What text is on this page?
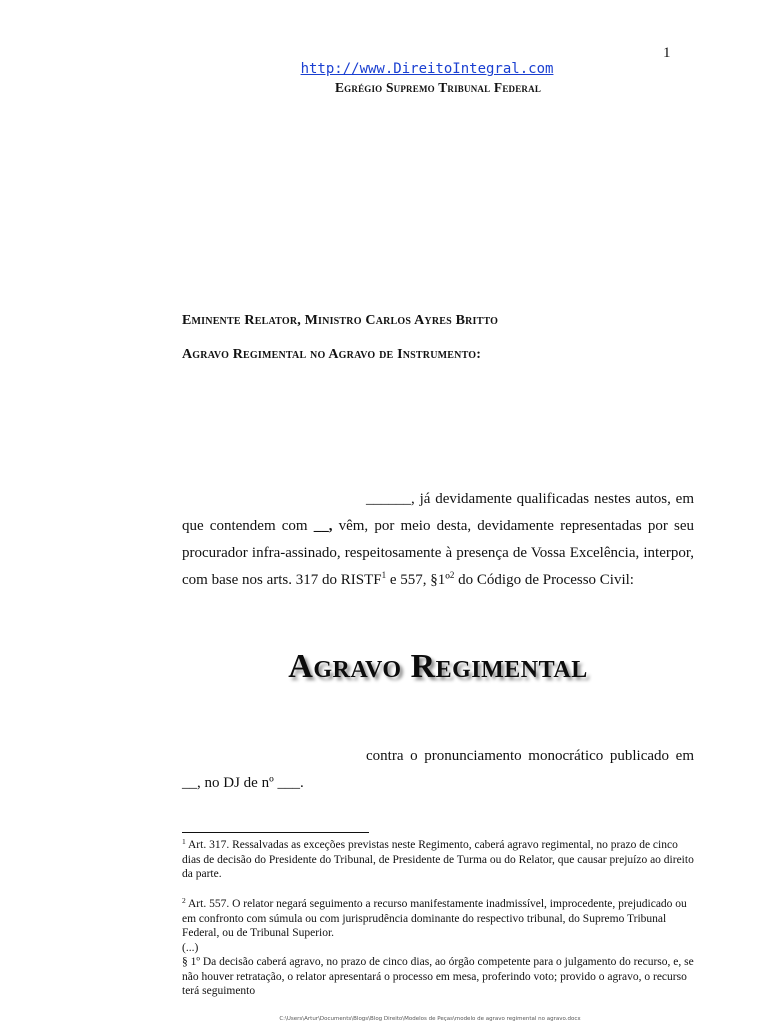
1
http://www.DireitoIntegral.com
Egrégio Supremo Tribunal Federal
Eminente Relator, Ministro Carlos Ayres Britto
Agravo Regimental no Agravo de Instrumento:
______, já devidamente qualificadas nestes autos, em que contendem com __, vêm, por meio desta, devidamente representadas por seu procurador infra-assinado, respeitosamente à presença de Vossa Excelência, interpor, com base nos arts. 317 do RISTF$^1$ e 557, §1º$^2$ do Código de Processo Civil:
Agravo Regimental
contra o pronunciamento monocrático publicado em __, no DJ de nº ___.
$^1$ Art. 317. Ressalvadas as exceções previstas neste Regimento, caberá agravo regimental, no prazo de cinco dias de decisão do Presidente do Tribunal, de Presidente de Turma ou do Relator, que causar prejuízo ao direito da parte.
$^2$ Art. 557. O relator negará seguimento a recurso manifestamente inadmissível, improcedente, prejudicado ou em confronto com súmula ou com jurisprudência dominante do respectivo tribunal, do Supremo Tribunal Federal, ou de Tribunal Superior.
(...)
§ 1º Da decisão caberá agravo, no prazo de cinco dias, ao órgão competente para o julgamento do recurso, e, se não houver retratação, o relator apresentará o processo em mesa, proferindo voto; provido o agravo, o recurso terá seguimento
C:\Users\Artur\Documents\Blogs\Blog Direito\Modelos de Peças\modelo de agravo regimental no agravo.docx
